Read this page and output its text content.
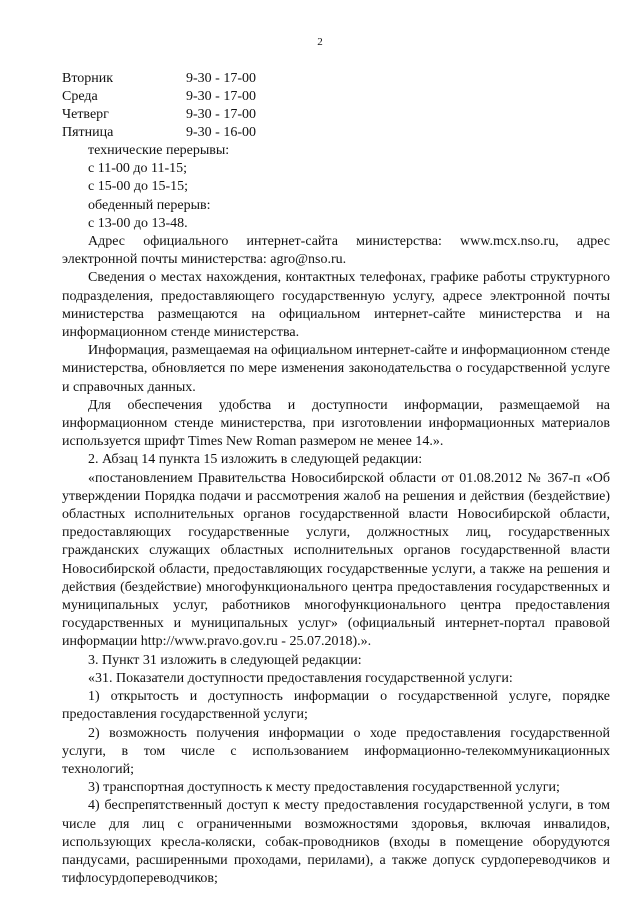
2
Вторник	9-30 - 17-00
Среда	9-30 - 17-00
Четверг	9-30 - 17-00
Пятница	9-30 - 16-00

технические перерывы:

с 11-00 до 11-15;

с 15-00 до 15-15;

обеденный перерыв:

с 13-00 до 13-48.

Адрес официального интернет-сайта министерства: www.mcx.nso.ru, адрес электронной почты министерства: agro@nso.ru.

Сведения о местах нахождения, контактных телефонах, графике работы структурного подразделения, предоставляющего государственную услугу, адресе электронной почты министерства размещаются на официальном интернет-сайте министерства и на информационном стенде министерства.

Информация, размещаемая на официальном интернет-сайте и информационном стенде министерства, обновляется по мере изменения законодательства о государственной услуге и справочных данных.

Для обеспечения удобства и доступности информации, размещаемой на информационном стенде министерства, при изготовлении информационных материалов используется шрифт Times New Roman размером не менее 14.».

2. Абзац 14 пункта 15 изложить в следующей редакции:

«постановлением Правительства Новосибирской области от 01.08.2012 № 367-п «Об утверждении Порядка подачи и рассмотрения жалоб на решения и действия (бездействие) областных исполнительных органов государственной власти Новосибирской области, предоставляющих государственные услуги, должностных лиц, государственных гражданских служащих областных исполнительных органов государственной власти Новосибирской области, предоставляющих государственные услуги, а также на решения и действия (бездействие) многофункционального центра предоставления государственных и муниципальных услуг, работников многофункционального центра предоставления государственных и муниципальных услуг» (официальный интернет-портал правовой информации http://www.pravo.gov.ru - 25.07.2018).».

3. Пункт 31 изложить в следующей редакции:

«31. Показатели доступности предоставления государственной услуги:

1) открытость и доступность информации о государственной услуге, порядке предоставления государственной услуги;

2) возможность получения информации о ходе предоставления государственной услуги, в том числе с использованием информационно-телекоммуникационных технологий;

3) транспортная доступность к месту предоставления государственной услуги;

4) беспрепятственный доступ к месту предоставления государственной услуги, в том числе для лиц с ограниченными возможностями здоровья, включая инвалидов, использующих кресла-коляски, собак-проводников (входы в помещение оборудуются пандусами, расширенными проходами, перилами), а также допуск сурдопереводчиков и тифлосурдопереводчиков;
